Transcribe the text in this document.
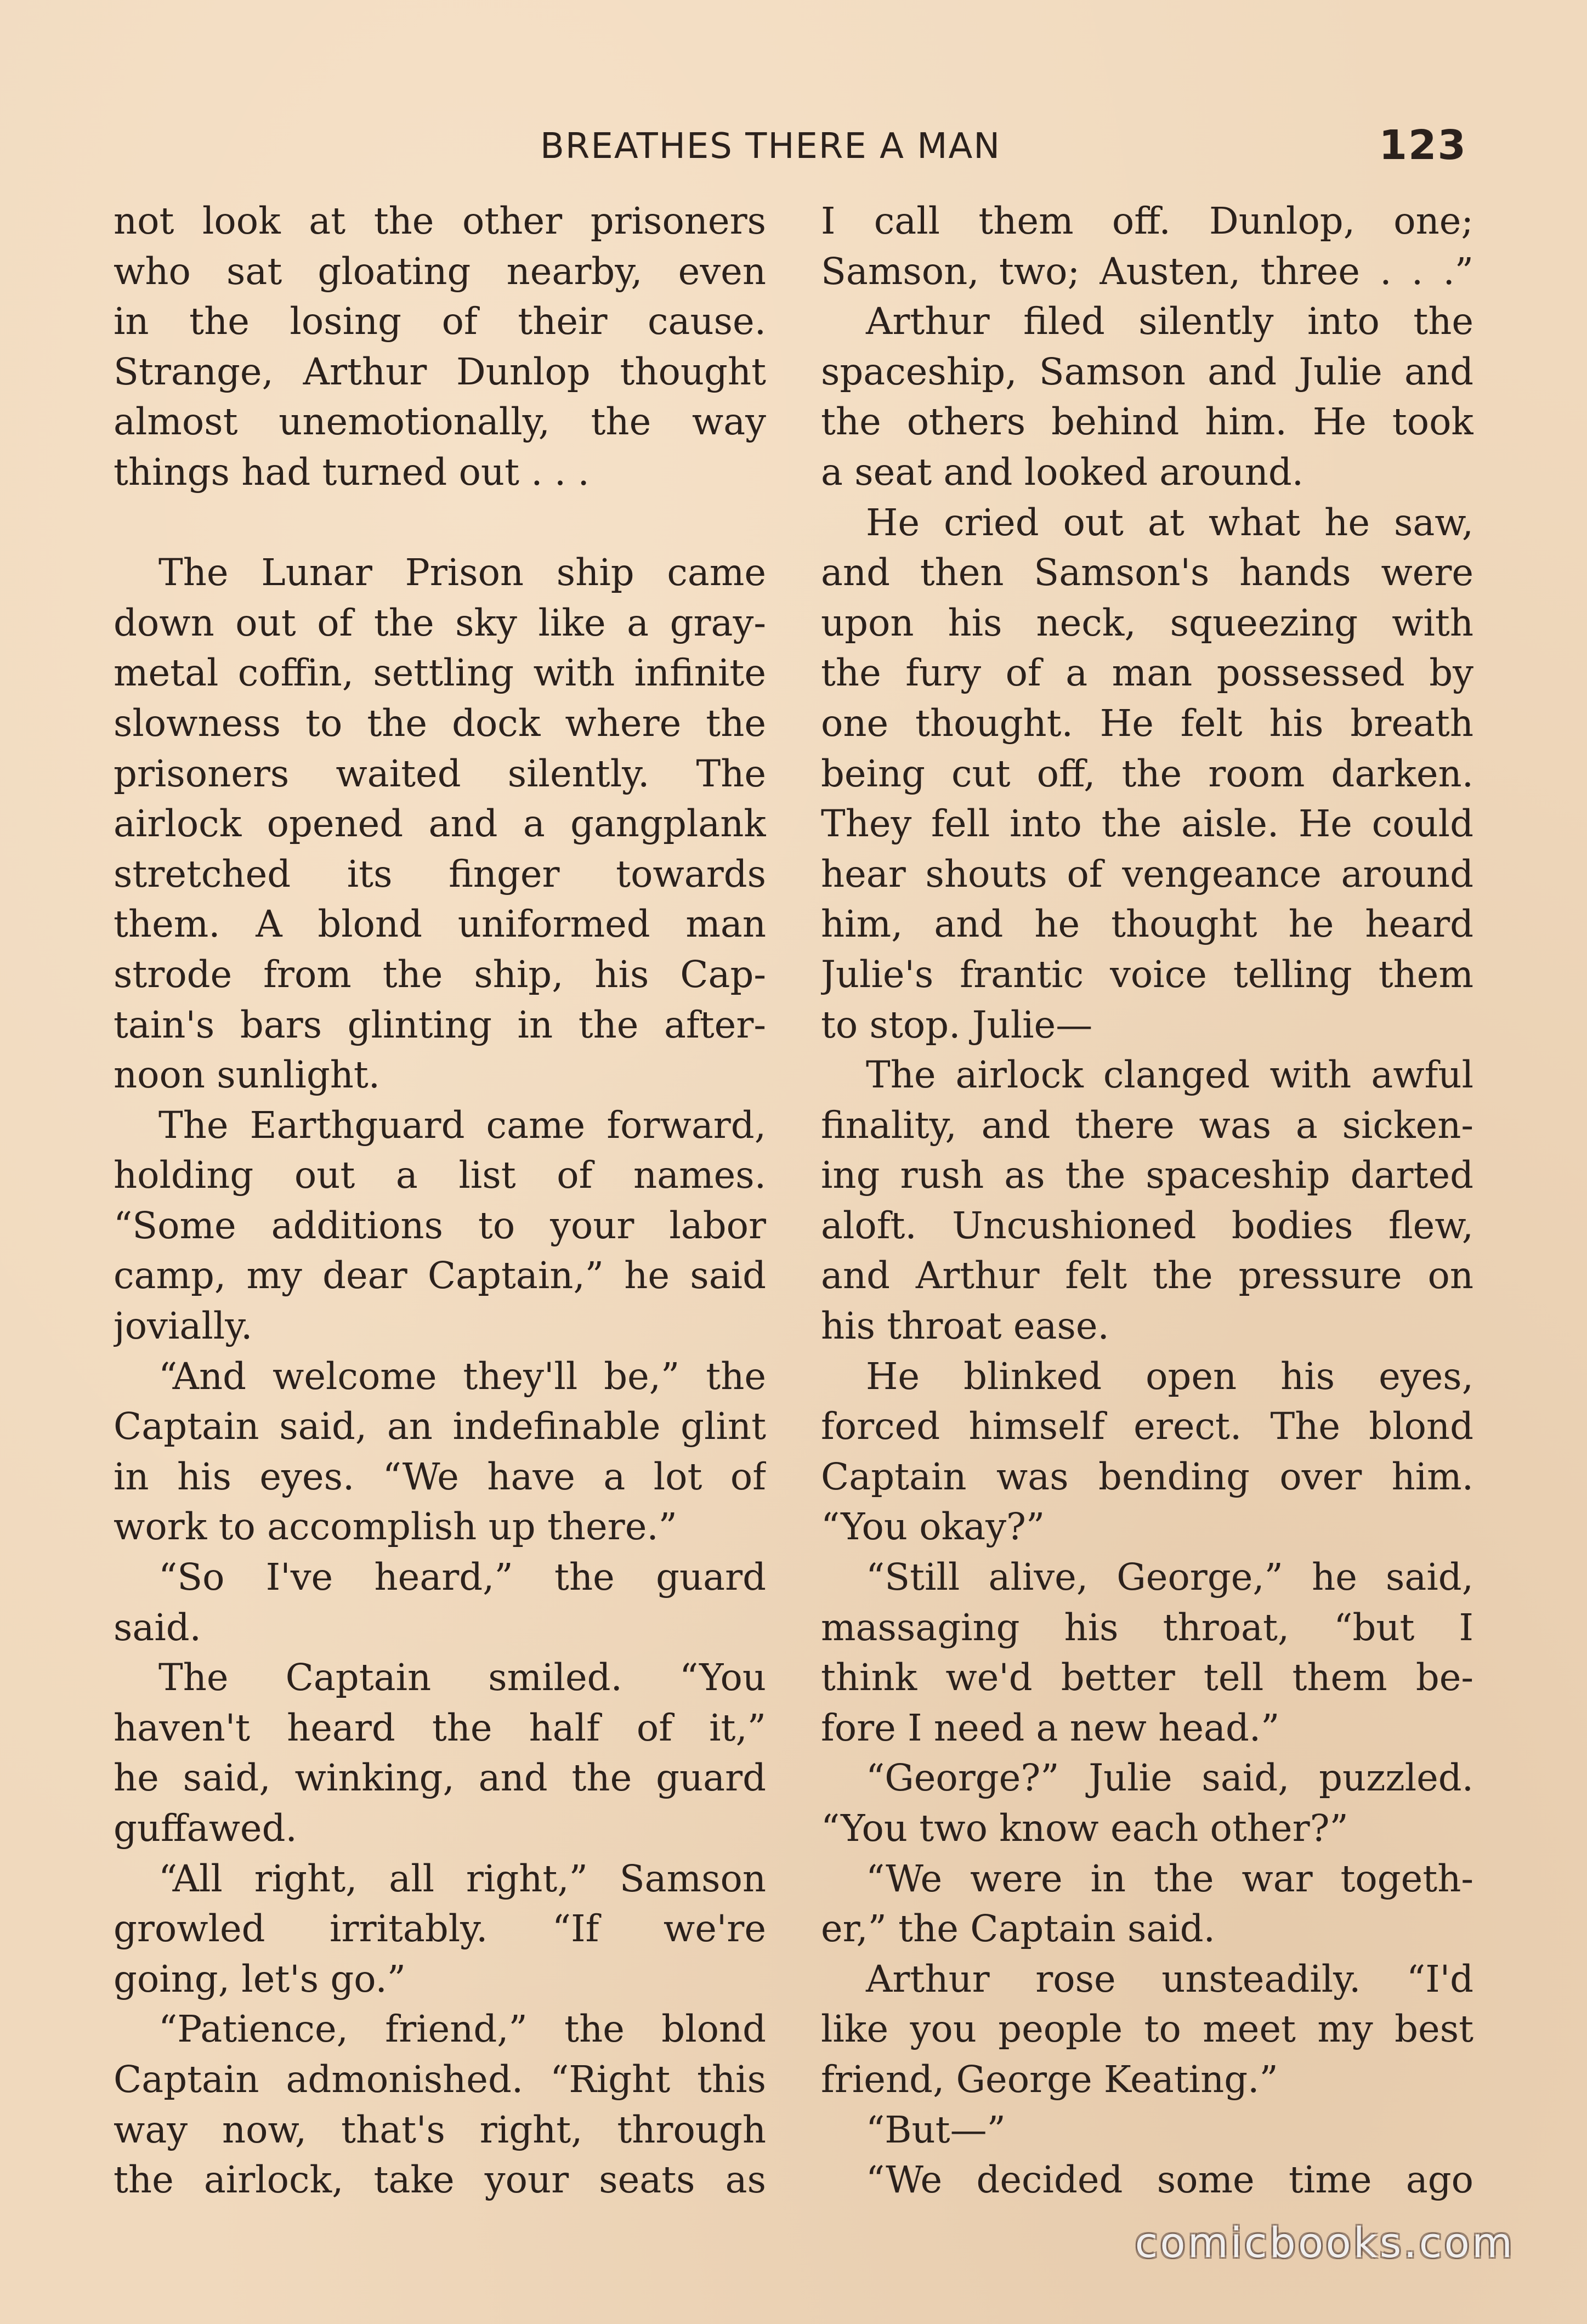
BREATHES THERE A MAN	123
not look at the other prisoners
who sat gloating nearby, even
in the losing of their cause.
Strange, Arthur Dunlop thought
almost unemotionally, the way
things had turned out . . .
The Lunar Prison ship came
down out of the sky like a gray-
metal coffin, settling with infinite
slowness to the dock where the
prisoners waited silently. The
airlock opened and a gangplank
stretched its finger towards
them. A blond uniformed man
strode from the ship, his Cap-
tain's bars glinting in the after-
noon sunlight.
The Earthguard came forward,
holding out a list of names.
“Some additions to your labor
camp, my dear Captain,” he said
jovially.
“And welcome they'll be,” the
Captain said, an indefinable glint
in his eyes. “We have a lot of
work to accomplish up there.”
“So I've heard,” the guard
said.
The Captain smiled. “You
haven't heard the half of it,”
he said, winking, and the guard
guffawed.
“All right, all right,” Samson
growled irritably. “If we're
going, let's go.”
“Patience, friend,” the blond
Captain admonished. “Right this
way now, that's right, through
the airlock, take your seats as
I call them off. Dunlop, one;
Samson, two; Austen, three . . .”
Arthur filed silently into the
spaceship, Samson and Julie and
the others behind him. He took
a seat and looked around.
He cried out at what he saw,
and then Samson's hands were
upon his neck, squeezing with
the fury of a man possessed by
one thought. He felt his breath
being cut off, the room darken.
They fell into the aisle. He could
hear shouts of vengeance around
him, and he thought he heard
Julie's frantic voice telling them
to stop. Julie—
The airlock clanged with awful
finality, and there was a sicken-
ing rush as the spaceship darted
aloft. Uncushioned bodies flew,
and Arthur felt the pressure on
his throat ease.
He blinked open his eyes,
forced himself erect. The blond
Captain was bending over him.
“You okay?”
“Still alive, George,” he said,
massaging his throat, “but I
think we'd better tell them be-
fore I need a new head.”
“George?” Julie said, puzzled.
“You two know each other?”
“We were in the war togeth-
er,” the Captain said.
Arthur rose unsteadily. “I'd
like you people to meet my best
friend, George Keating.”
“But—”
“We decided some time ago
comicbooks.com
